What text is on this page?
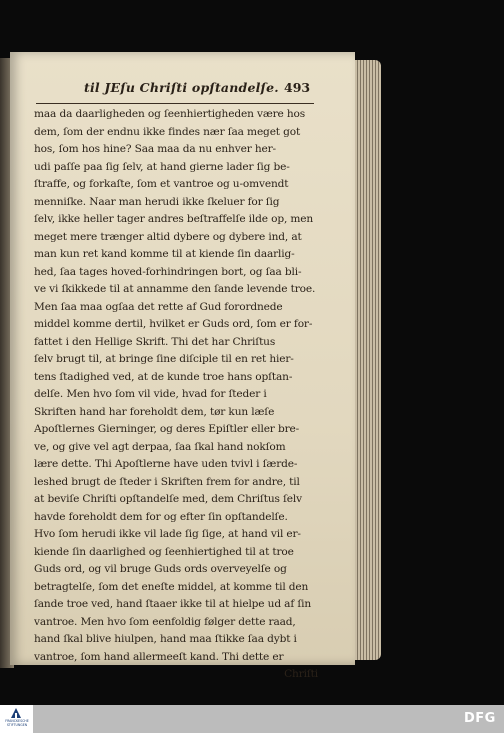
til JEſu Chriſti opſtandelſe. 493
maa da daarligheden og ſeenhiertigheden være hos
dem, ſom der endnu ikke findes nær ſaa meget got
hos, ſom hos hine? Saa maa da nu enhver her-
udi paſſe paa ſig ſelv, at hand gierne lader ſig be-
ſtraffe, og forkaſte, ſom et vantroe og u-omvendt
menniſke. Naar man herudi ikke ſkeluer for ſig
ſelv, ikke heller tager andres beſtraffelſe ilde op, men
meget mere trænger altid dybere og dybere ind, at
man kun ret kand komme til at kiende ſin daarlig-
hed, ſaa tages hoved-forhindringen bort, og ſaa bli-
ve vi ſkikkede til at annamme den ſande levende troe.
Men ſaa maa ogſaa det rette af Gud forordnede
middel komme dertil, hvilket er Guds ord, ſom er for-
fattet i den Hellige Skrift. Thi det har Chriſtus
ſelv brugt til, at bringe ſine diſciple til en ret hier-
tens ſtadighed ved, at de kunde troe hans opſtan-
delſe. Men hvo ſom vil vide, hvad for ſteder i
Skriften hand har foreholdt dem, tør kun læſe
Apoſtlernes Gierninger, og deres Epiſtler eller bre-
ve, og give vel agt derpaa, ſaa ſkal hand nokſom
lære dette. Thi Apoſtlerne have uden tvivl i ſærde-
leshed brugt de ſteder i Skriften frem for andre, til
at beviſe Chriſti opſtandelſe med, dem Chriſtus ſelv
havde foreholdt dem for og efter ſin opſtandelſe.
Hvo ſom herudi ikke vil lade ſig ſige, at hand vil er-
kiende ſin daarlighed og ſeenhiertighed til at troe
Guds ord, og vil bruge Guds ords overveyelſe og
betragtelſe, ſom det eneſte middel, at komme til den
ſande troe ved, hand ſtaaer ikke til at hielpe ud af ſin
vantroe. Men hvo ſom eenfoldig følger dette raad,
hand ſkal blive hiulpen, hand maa ſtikke ſaa dybt i
vantroe, ſom hand allermeeſt kand. Thi dette er
Chriſti
FRANCKESCHE STIFTUNGEN	DFG
